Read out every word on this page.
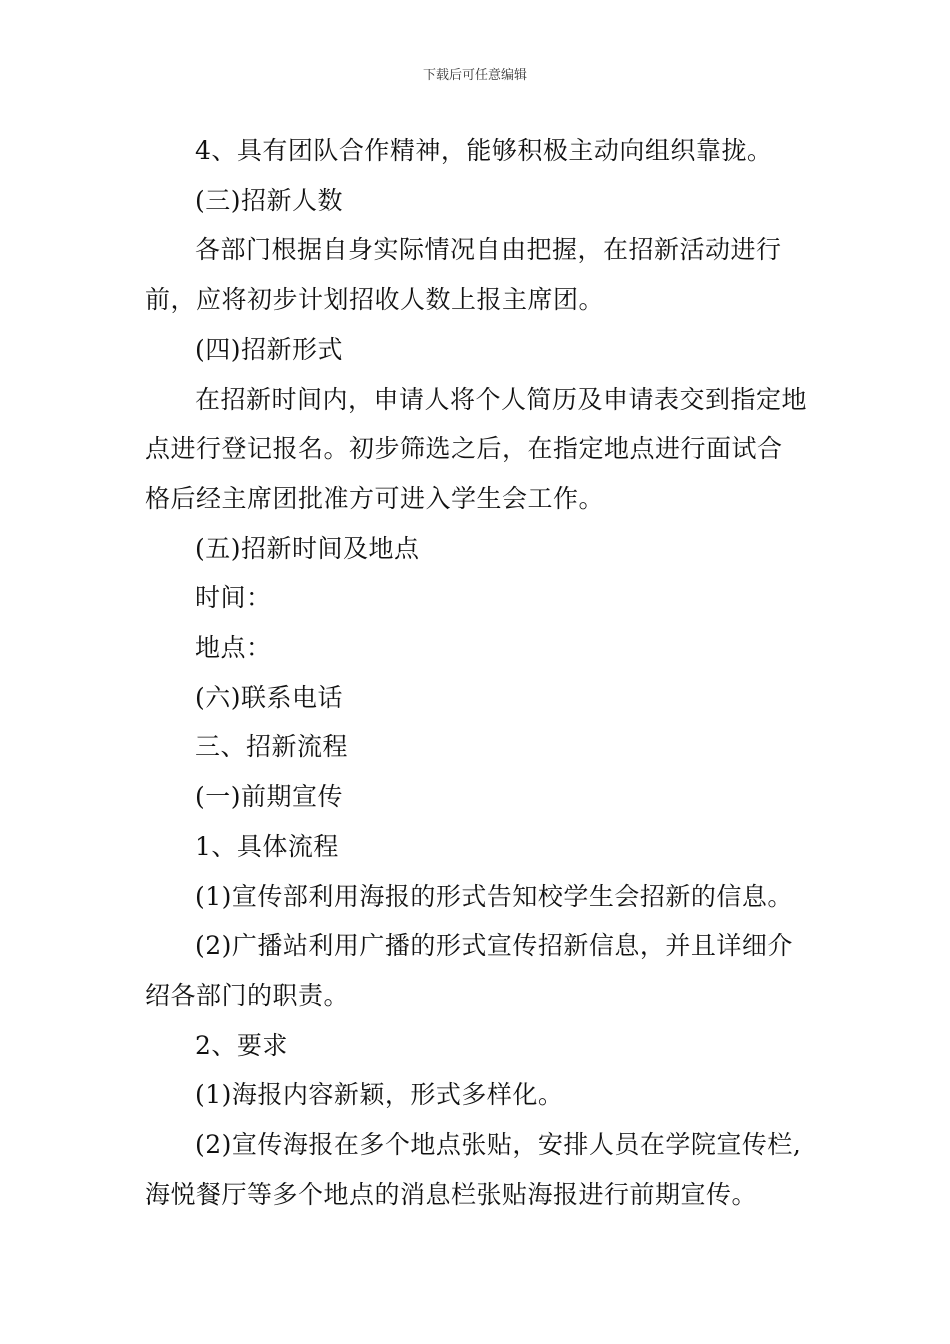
下载后可任意编辑

4、具有团队合作精神，能够积极主动向组织靠拢。

(三)招新人数

各部门根据自身实际情况自由把握，在招新活动进行前，应将初步计划招收人数上报主席团。

(四)招新形式

在招新时间内，申请人将个人简历及申请表交到指定地点进行登记报名。初步筛选之后，在指定地点进行面试合格后经主席团批准方可进入学生会工作。

(五)招新时间及地点

时间：

地点：

(六)联系电话

三、招新流程

(一)前期宣传

1、具体流程

(1)宣传部利用海报的形式告知校学生会招新的信息。

(2)广播站利用广播的形式宣传招新信息，并且详细介绍各部门的职责。

2、要求

(1)海报内容新颖，形式多样化。

(2)宣传海报在多个地点张贴，安排人员在学院宣传栏,海悦餐厅等多个地点的消息栏张贴海报进行前期宣传。
